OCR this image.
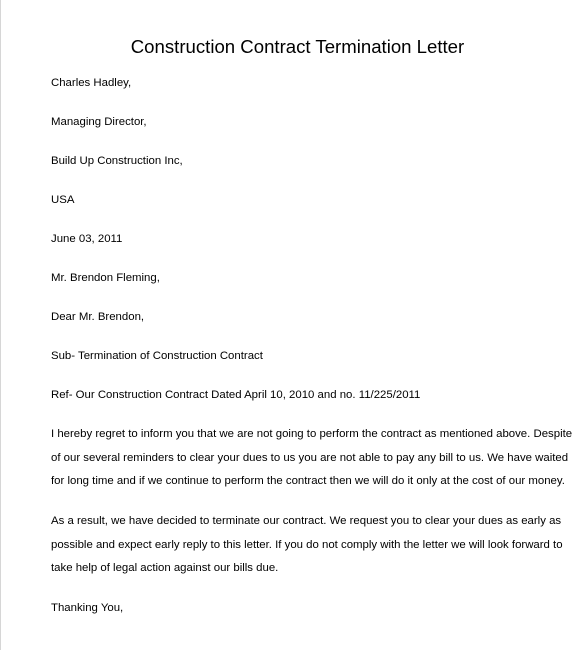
Construction Contract Termination Letter
Charles Hadley,
Managing Director,
Build Up Construction Inc,
USA
June 03, 2011
Mr. Brendon Fleming,
Dear Mr. Brendon,
Sub- Termination of Construction Contract
Ref- Our Construction Contract Dated April 10, 2010 and no. 11/225/2011
I hereby regret to inform you that we are not going to perform the contract as mentioned above. Despite
of our several reminders to clear your dues to us you are not able to pay any bill to us. We have waited
for long time and if we continue to perform the contract then we will do it only at the cost of our money.
As a result, we have decided to terminate our contract. We request you to clear your dues as early as
possible and expect early reply to this letter. If you do not comply with the letter we will look forward to
take help of legal action against our bills due.
Thanking You,
